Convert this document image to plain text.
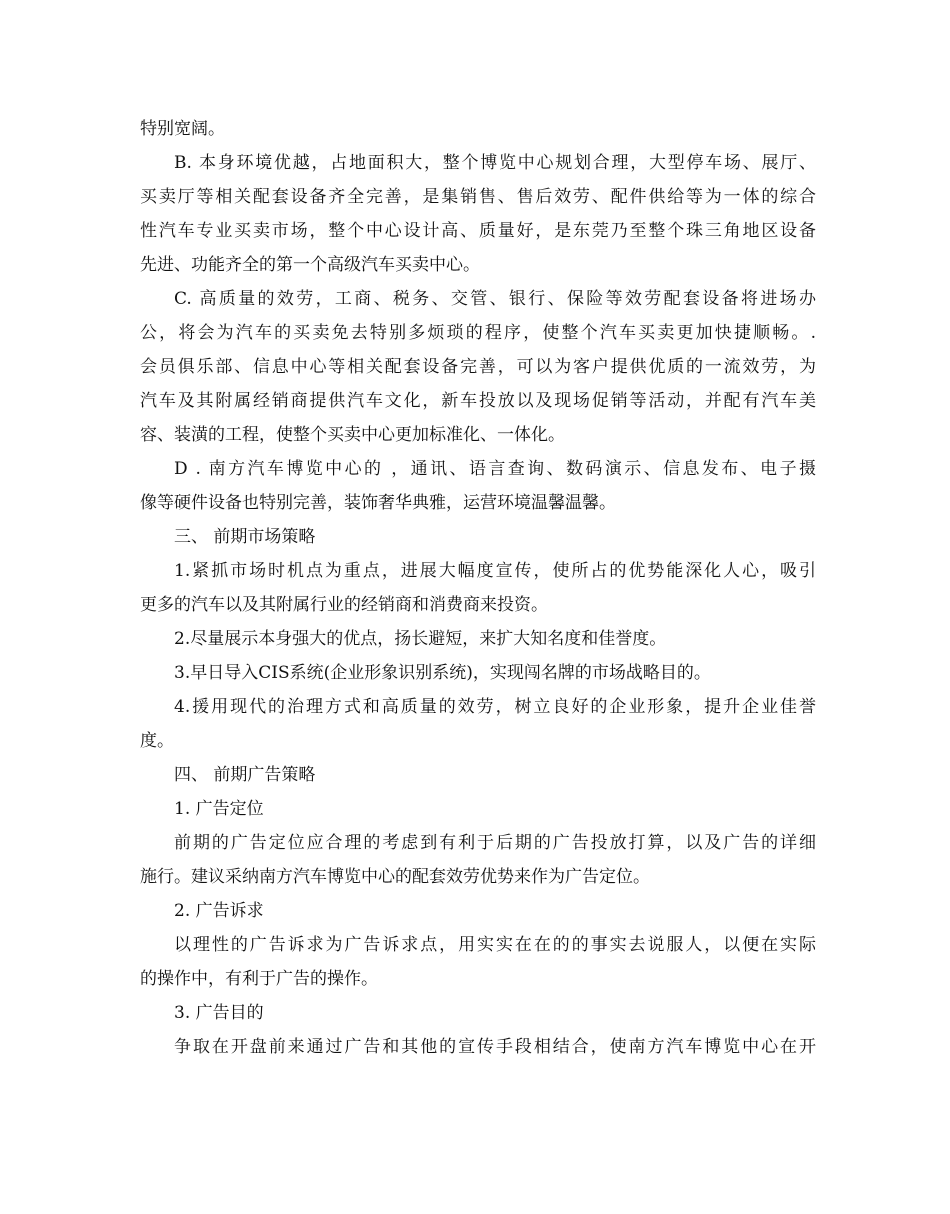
特别宽阔。
B. 本身环境优越，占地面积大，整个博览中心规划合理，大型停车场、展厅、
买卖厅等相关配套设备齐全完善，是集销售、售后效劳、配件供给等为一体的综合
性汽车专业买卖市场，整个中心设计高、质量好，是东莞乃至整个珠三角地区设备
先进、功能齐全的第一个高级汽车买卖中心。
C. 高质量的效劳，工商、税务、交管、银行、保险等效劳配套设备将进场办
公，将会为汽车的买卖免去特别多烦琐的程序，使整个汽车买卖更加快捷顺畅。.
会员俱乐部、信息中心等相关配套设备完善，可以为客户提供优质的一流效劳，为
汽车及其附属经销商提供汽车文化，新车投放以及现场促销等活动，并配有汽车美
容、装潢的工程，使整个买卖中心更加标准化、一体化。
D . 南方汽车博览中心的 ，通讯、语言查询、数码演示、信息发布、电子摄
像等硬件设备也特别完善，装饰奢华典雅，运营环境温馨温馨。
三、 前期市场策略
1.紧抓市场时机点为重点，进展大幅度宣传，使所占的优势能深化人心，吸引
更多的汽车以及其附属行业的经销商和消费商来投资。
2.尽量展示本身强大的优点，扬长避短，来扩大知名度和佳誉度。
3.早日导入CIS系统(企业形象识别系统)，实现闯名牌的市场战略目的。
4.援用现代的治理方式和高质量的效劳，树立良好的企业形象，提升企业佳誉
度。
四、 前期广告策略
1. 广告定位
前期的广告定位应合理的考虑到有利于后期的广告投放打算，以及广告的详细
施行。建议采纳南方汽车博览中心的配套效劳优势来作为广告定位。
2. 广告诉求
以理性的广告诉求为广告诉求点，用实实在在的的事实去说服人，以便在实际
的操作中，有利于广告的操作。
3. 广告目的
争取在开盘前来通过广告和其他的宣传手段相结合，使南方汽车博览中心在开
